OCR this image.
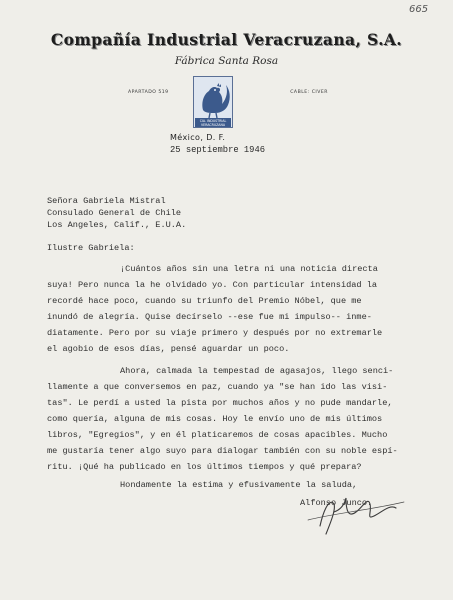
665
Compañía Industrial Veracruzana, S.A.
Fábrica Santa Rosa
APARTADO 519
CIA. INDUSTRIAL
VERACRUZANA
CABLE: CIVER
México, D. F.
25 septiembre 1946
Señora Gabriela Mistral
Consulado General de Chile
Los Angeles, Calif., E.U.A.
Ilustre Gabriela:
¡Cuántos años sin una letra ni una noticia directa
suya! Pero nunca la he olvidado yo. Con particular intensidad la
recordé hace poco, cuando su triunfo del Premio Nóbel, que me
inundó de alegría. Quise decírselo --ese fue mi impulso-- inme-
diatamente. Pero por su viaje primero y después por no extremarle
el agobio de esos días, pensé aguardar un poco.
Ahora, calmada la tempestad de agasajos, llego senci-
llamente a que conversemos en paz, cuando ya "se han ido las visi-
tas". Le perdí a usted la pista por muchos años y no pude mandarle,
como quería, alguna de mis cosas. Hoy le envío uno de mis últimos
libros, "Egregios", y en él platicaremos de cosas apacibles. Mucho
me gustaría tener algo suyo para dialogar también con su noble espí-
ritu. ¡Qué ha publicado en los últimos tiempos y qué prepara?
Hondamente la estima y efusivamente la saluda,
Alfonso Junco.
